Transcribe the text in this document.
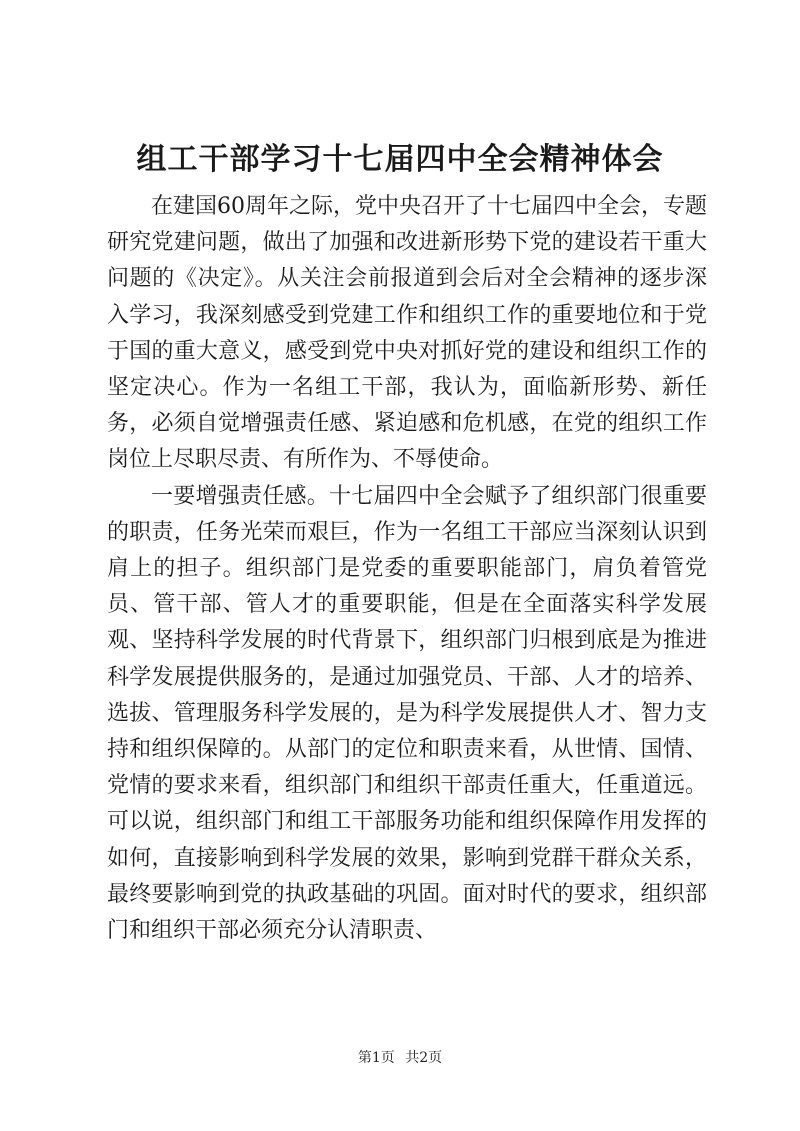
组工干部学习十七届四中全会精神体会

在建国60周年之际，党中央召开了十七届四中全会，专题研究党建问题，做出了加强和改进新形势下党的建设若干重大问题的《决定》。从关注会前报道到会后对全会精神的逐步深入学习，我深刻感受到党建工作和组织工作的重要地位和于党于国的重大意义，感受到党中央对抓好党的建设和组织工作的坚定决心。作为一名组工干部，我认为，面临新形势、新任务，必须自觉增强责任感、紧迫感和危机感，在党的组织工作岗位上尽职尽责、有所作为、不辱使命。

一要增强责任感。十七届四中全会赋予了组织部门很重要的职责，任务光荣而艰巨，作为一名组工干部应当深刻认识到肩上的担子。组织部门是党委的重要职能部门，肩负着管党员、管干部、管人才的重要职能，但是在全面落实科学发展观、坚持科学发展的时代背景下，组织部门归根到底是为推进科学发展提供服务的，是通过加强党员、干部、人才的培养、选拔、管理服务科学发展的，是为科学发展提供人才、智力支持和组织保障的。从部门的定位和职责来看，从世情、国情、党情的要求来看，组织部门和组织干部责任重大，任重道远。可以说，组织部门和组工干部服务功能和组织保障作用发挥的如何，直接影响到科学发展的效果，影响到党群干群众关系，最终要影响到党的执政基础的巩固。面对时代的要求，组织部门和组织干部必须充分认清职责、

第1页 共2页
